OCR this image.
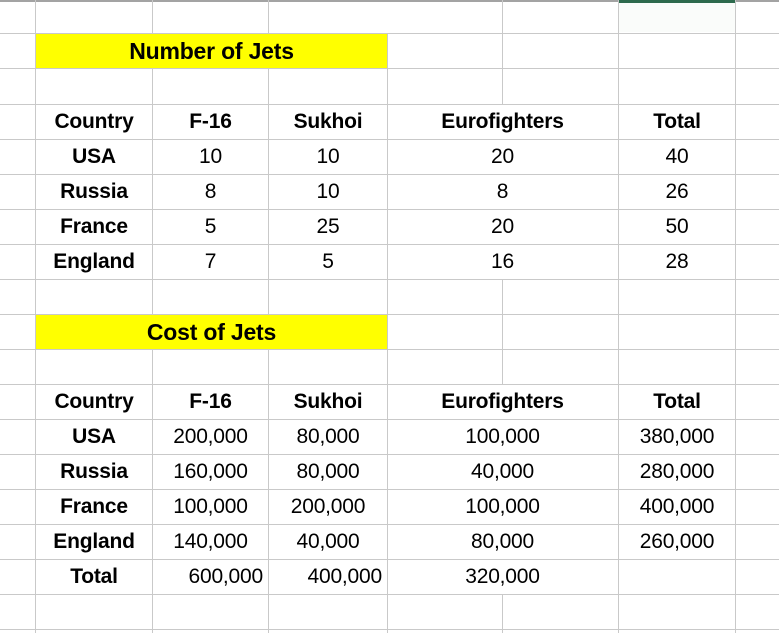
Number of Jets
Country	F-16	Sukhoi	Eurofighters	Total
USA	10	10	20	40
Russia	8	10	8	26
France	5	25	20	50
England	7	5	16	28
Cost of Jets
Country	F-16	Sukhoi	Eurofighters	Total
USA	200,000	80,000	100,000	380,000
Russia	160,000	80,000	40,000	280,000
France	100,000	200,000	100,000	400,000
England	140,000	40,000	80,000	260,000
Total	600,000	400,000	320,000
